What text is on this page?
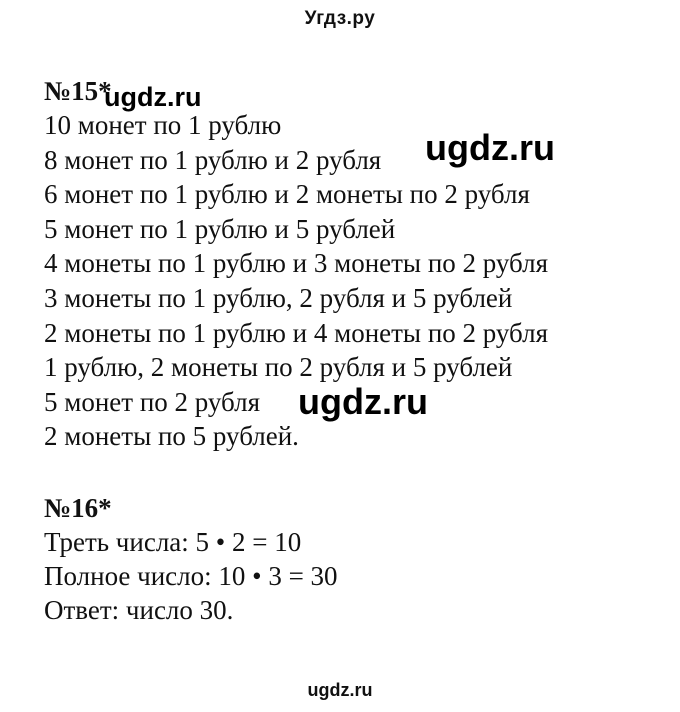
Угдз.ру
№15*
10 монет по 1 рублю
8 монет по 1 рублю и 2 рубля
6 монет по 1 рублю и 2 монеты по 2 рубля
5 монет по 1 рублю и 5 рублей
4 монеты по 1 рублю и 3 монеты по 2 рубля
3 монеты по 1 рублю, 2 рубля и 5 рублей
2 монеты по 1 рублю и 4 монеты по 2 рубля
1 рублю, 2 монеты по 2 рубля и 5 рублей
5 монет по 2 рубля
2 монеты по 5 рублей.
№16*
Треть числа: 5 • 2 = 10
Полное число: 10 • 3 = 30
Ответ: число 30.
ugdz.ru
ugdz.ru
ugdz.ru
ugdz.ru
